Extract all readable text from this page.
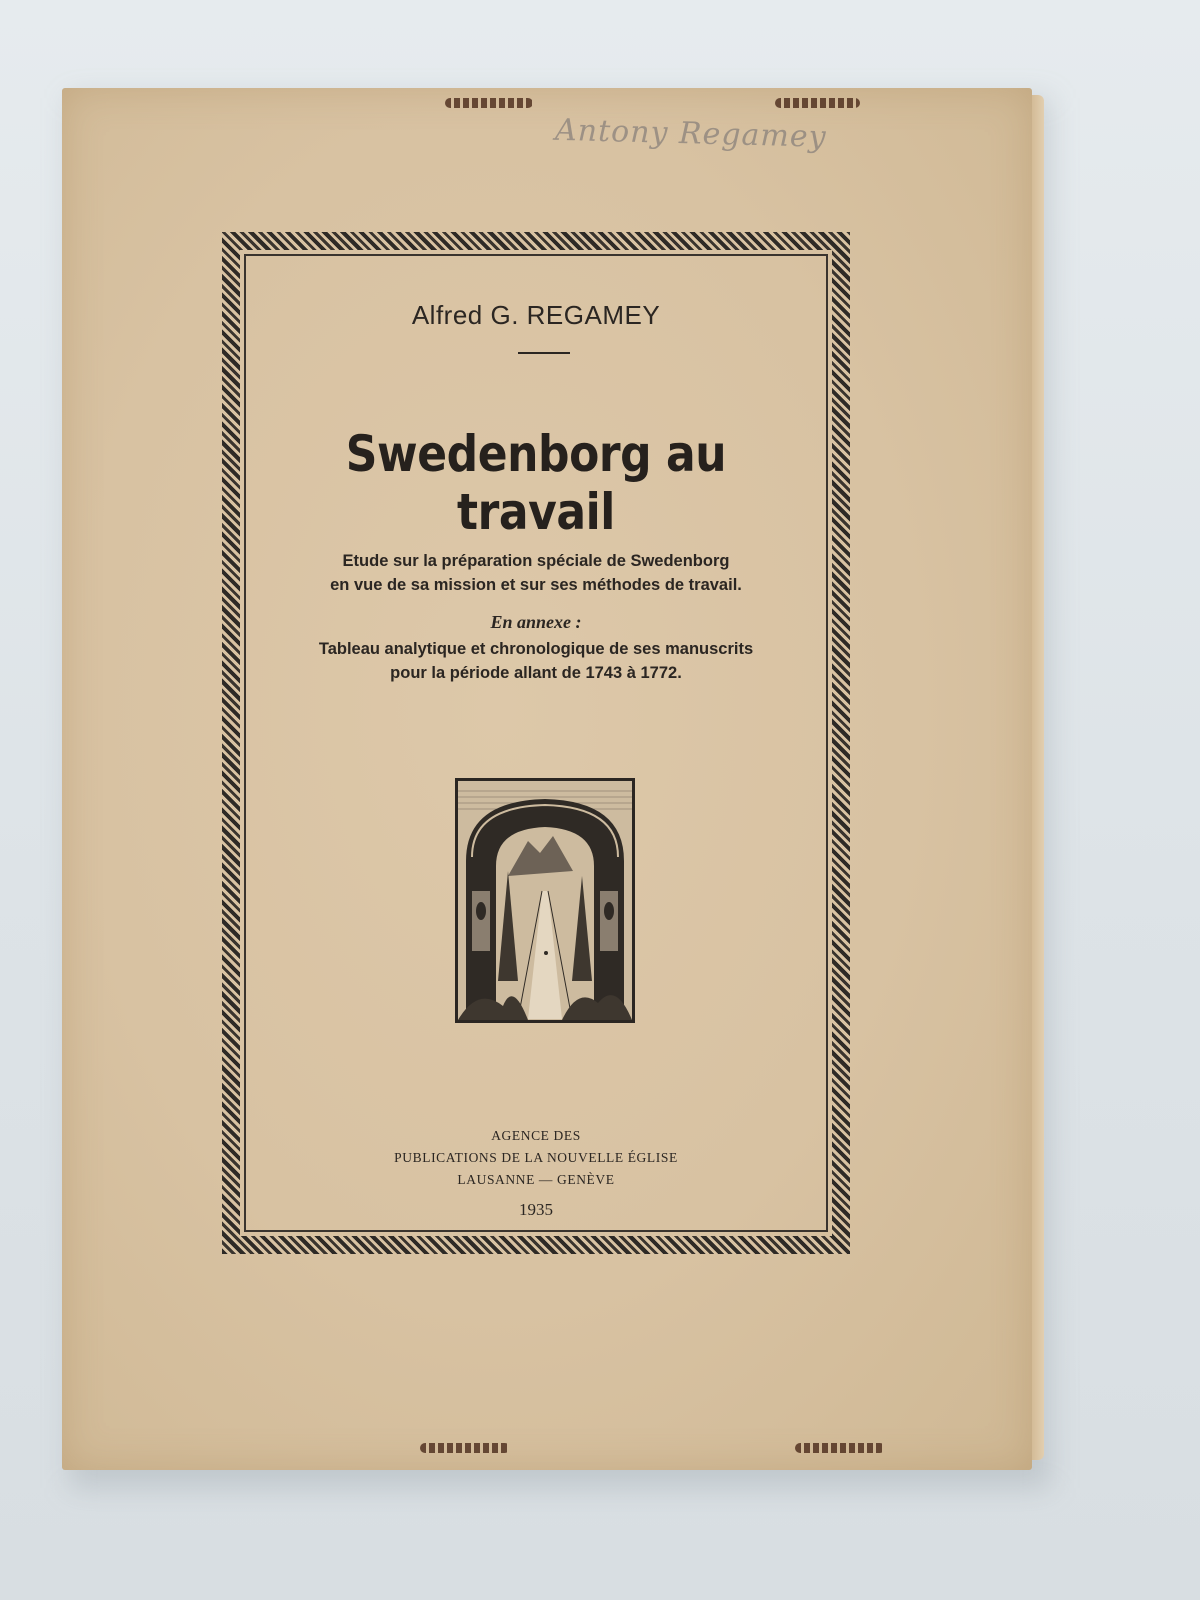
Antony Regamey
Alfred G. REGAMEY
Swedenborg au travail
Etude sur la préparation spéciale de Swedenborg
en vue de sa mission et sur ses méthodes de travail.
En annexe :
Tableau analytique et chronologique de ses manuscrits
pour la période allant de 1743 à 1772.
AGENCE DES
PUBLICATIONS DE LA NOUVELLE ÉGLISE
LAUSANNE — GENÈVE
1935
